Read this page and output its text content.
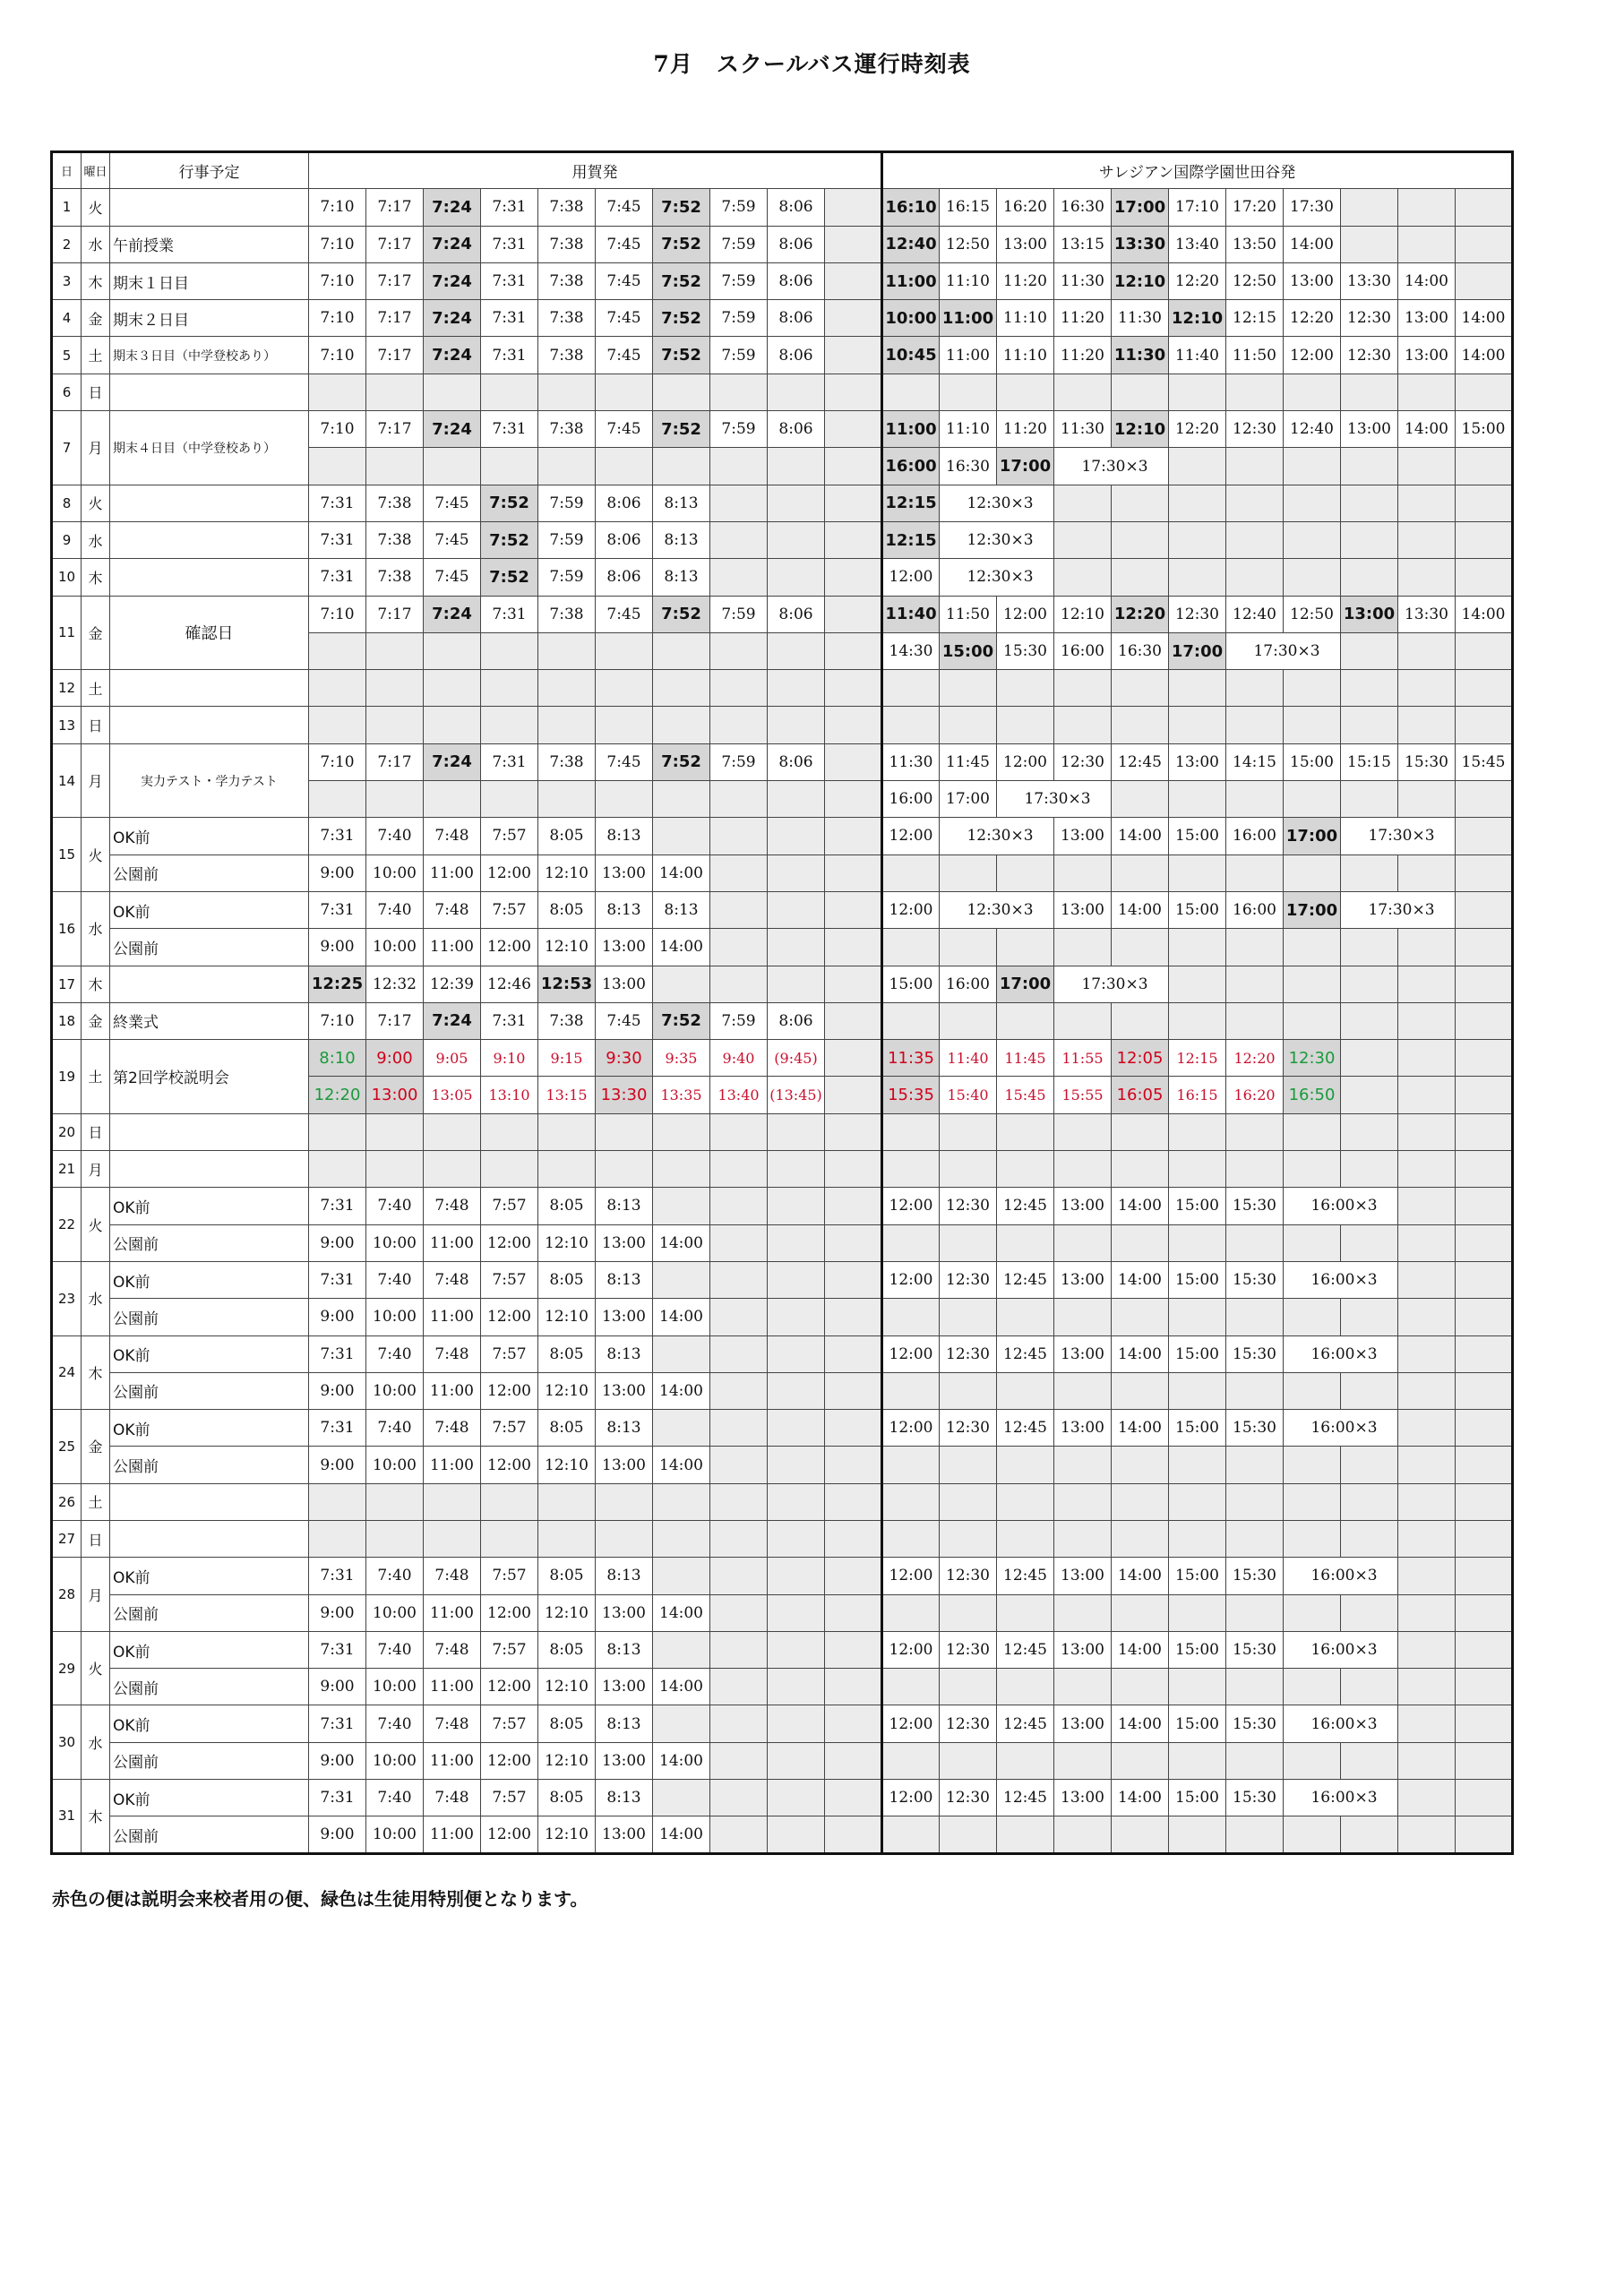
7月　スクールバス運行時刻表
日	曜日	行事予定	用賀発										サレジアン国際学園世田谷発										
1	火		7:10	7:17	7:24	7:31	7:38	7:45	7:52	7:59	8:06		16:10	16:15	16:20	16:30	17:00	17:10	17:20	17:30			
2	水	午前授業	7:10	7:17	7:24	7:31	7:38	7:45	7:52	7:59	8:06		12:40	12:50	13:00	13:15	13:30	13:40	13:50	14:00			
3	木	期末１日目	7:10	7:17	7:24	7:31	7:38	7:45	7:52	7:59	8:06		11:00	11:10	11:20	11:30	12:10	12:20	12:50	13:00	13:30	14:00	
4	金	期末２日目	7:10	7:17	7:24	7:31	7:38	7:45	7:52	7:59	8:06		10:00	11:00	11:10	11:20	11:30	12:10	12:15	12:20	12:30	13:00	14:00
5	土	期末３日目（中学登校あり）	7:10	7:17	7:24	7:31	7:38	7:45	7:52	7:59	8:06		10:45	11:00	11:10	11:20	11:30	11:40	11:50	12:00	12:30	13:00	14:00
6	日																						
7	月	期末４日目（中学登校あり）	7:10	7:17	7:24	7:31	7:38	7:45	7:52	7:59	8:06		11:00	11:10	11:20	11:30	12:10	12:20	12:30	12:40	13:00	14:00	15:00
													16:00	16:30	17:00	17:30×3							
8	火		7:31	7:38	7:45	7:52	7:59	8:06	8:13				12:15	12:30×3									
9	水		7:31	7:38	7:45	7:52	7:59	8:06	8:13				12:15	12:30×3									
10	木		7:31	7:38	7:45	7:52	7:59	8:06	8:13				12:00	12:30×3									
11	金	確認日	7:10	7:17	7:24	7:31	7:38	7:45	7:52	7:59	8:06		11:40	11:50	12:00	12:10	12:20	12:30	12:40	12:50	13:00	13:30	14:00
													14:30	15:00	15:30	16:00	16:30	17:00	17:30×3				
12	土																						
13	日																						
14	月	実力テスト・学力テスト	7:10	7:17	7:24	7:31	7:38	7:45	7:52	7:59	8:06		11:30	11:45	12:00	12:30	12:45	13:00	14:15	15:00	15:15	15:30	15:45
													16:00	17:00	17:30×3								
15	火	OK前	7:31	7:40	7:48	7:57	8:05	8:13					12:00	12:30×3		13:00	14:00	15:00	16:00	17:00	17:30×3		
		公園前	9:00	10:00	11:00	12:00	12:10	13:00	14:00														
16	水	OK前	7:31	7:40	7:48	7:57	8:05	8:13	8:13				12:00	12:30×3		13:00	14:00	15:00	16:00	17:00	17:30×3		
		公園前	9:00	10:00	11:00	12:00	12:10	13:00	14:00														
17	木		12:25	12:32	12:39	12:46	12:53	13:00					15:00	16:00	17:00	17:30×3							
18	金	終業式	7:10	7:17	7:24	7:31	7:38	7:45	7:52	7:59	8:06												
19	土	第2回学校説明会	8:10	9:00	9:05	9:10	9:15	9:30	9:35	9:40	(9:45)		11:35	11:40	11:45	11:55	12:05	12:15	12:20	12:30			
			12:20	13:00	13:05	13:10	13:15	13:30	13:35	13:40	(13:45)		15:35	15:40	15:45	15:55	16:05	16:15	16:20	16:50			
20	日																						
21	月																						
22	火	OK前	7:31	7:40	7:48	7:57	8:05	8:13					12:00	12:30	12:45	13:00	14:00	15:00	15:30	16:00×3			
		公園前	9:00	10:00	11:00	12:00	12:10	13:00	14:00														
23	水	OK前	7:31	7:40	7:48	7:57	8:05	8:13					12:00	12:30	12:45	13:00	14:00	15:00	15:30	16:00×3			
		公園前	9:00	10:00	11:00	12:00	12:10	13:00	14:00														
24	木	OK前	7:31	7:40	7:48	7:57	8:05	8:13					12:00	12:30	12:45	13:00	14:00	15:00	15:30	16:00×3			
		公園前	9:00	10:00	11:00	12:00	12:10	13:00	14:00														
25	金	OK前	7:31	7:40	7:48	7:57	8:05	8:13					12:00	12:30	12:45	13:00	14:00	15:00	15:30	16:00×3			
		公園前	9:00	10:00	11:00	12:00	12:10	13:00	14:00														
26	土																						
27	日																						
28	月	OK前	7:31	7:40	7:48	7:57	8:05	8:13					12:00	12:30	12:45	13:00	14:00	15:00	15:30	16:00×3			
		公園前	9:00	10:00	11:00	12:00	12:10	13:00	14:00														
29	火	OK前	7:31	7:40	7:48	7:57	8:05	8:13					12:00	12:30	12:45	13:00	14:00	15:00	15:30	16:00×3			
		公園前	9:00	10:00	11:00	12:00	12:10	13:00	14:00														
30	水	OK前	7:31	7:40	7:48	7:57	8:05	8:13					12:00	12:30	12:45	13:00	14:00	15:00	15:30	16:00×3			
		公園前	9:00	10:00	11:00	12:00	12:10	13:00	14:00														
31	木	OK前	7:31	7:40	7:48	7:57	8:05	8:13					12:00	12:30	12:45	13:00	14:00	15:00	15:30	16:00×3			
		公園前	9:00	10:00	11:00	12:00	12:10	13:00	14:00														
赤色の便は説明会来校者用の便、緑色は生徒用特別便となります。
